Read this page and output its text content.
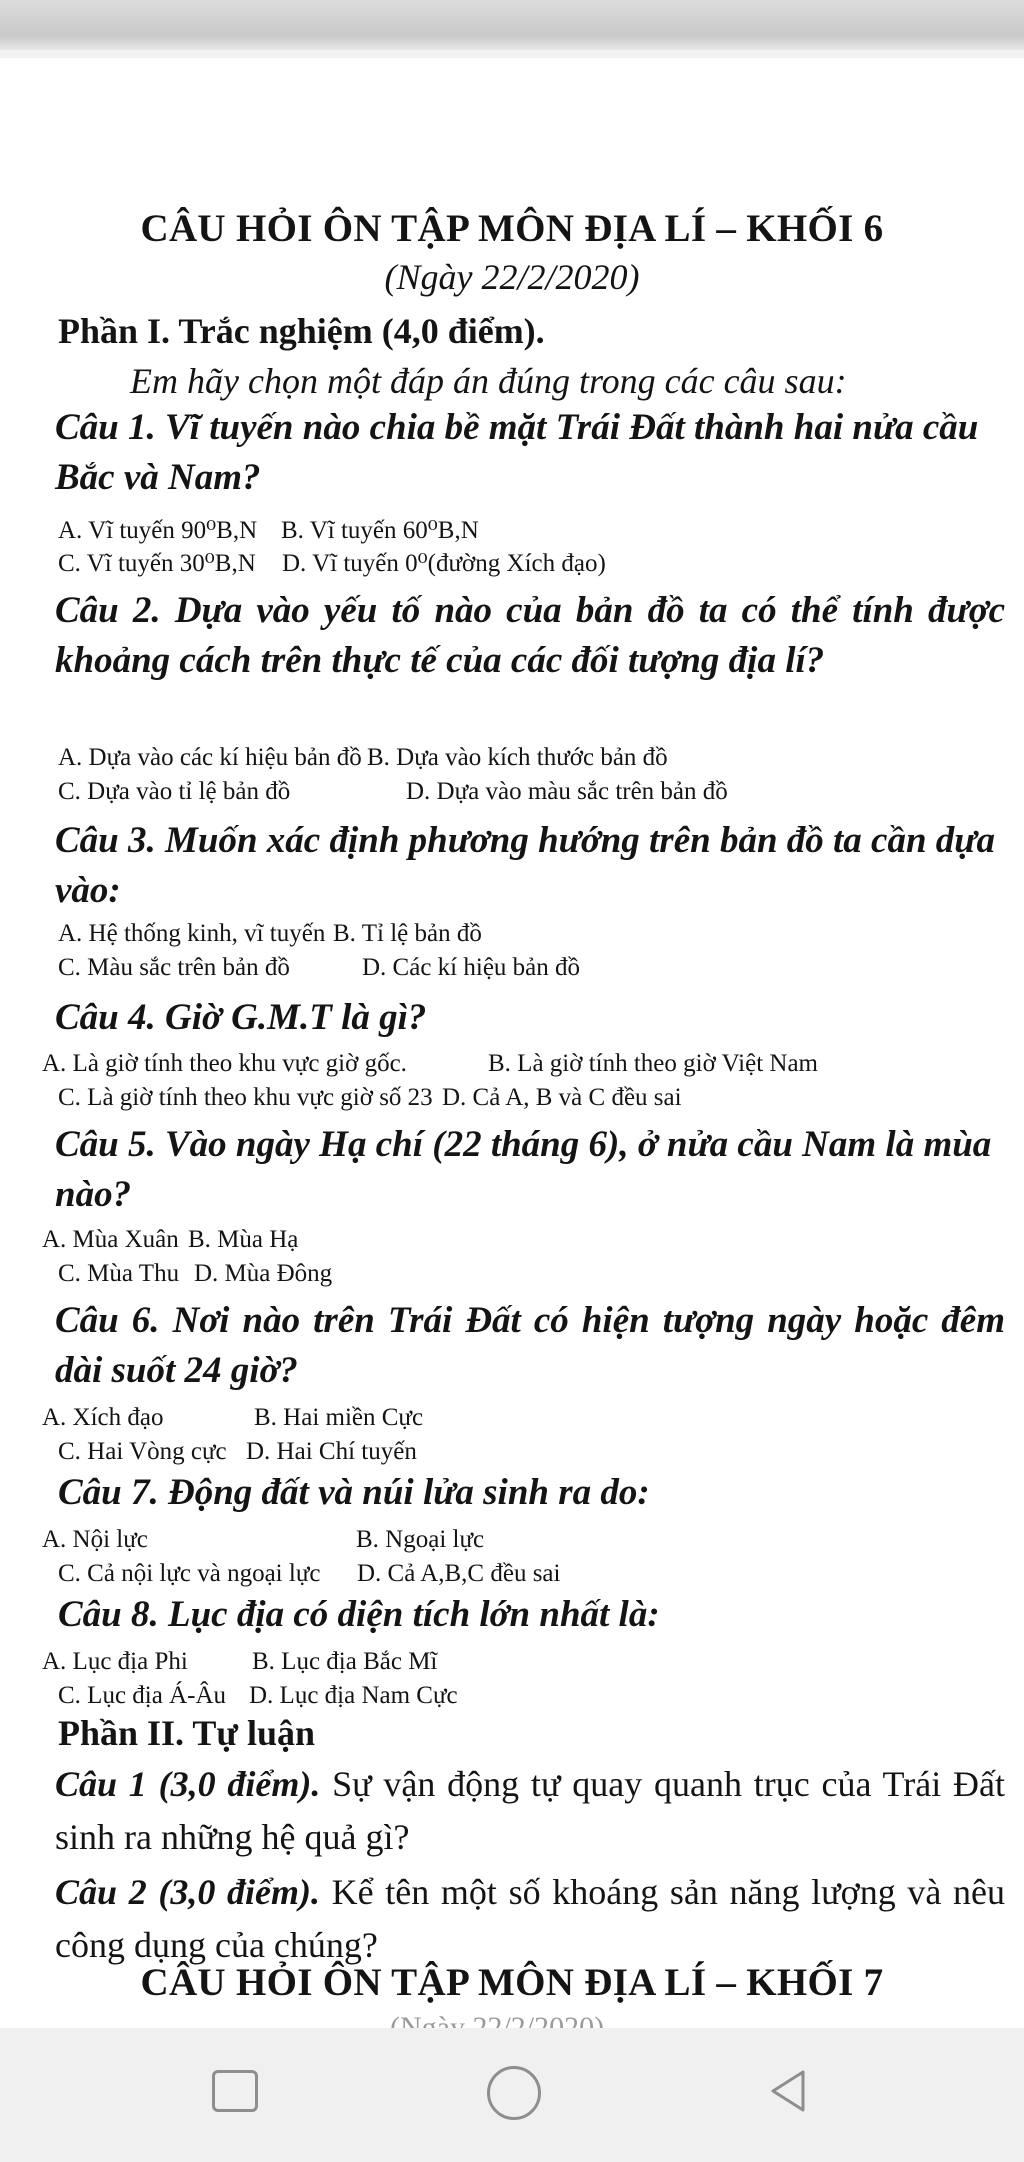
CÂU HỎI ÔN TẬP MÔN ĐỊA LÍ – KHỐI 6
(Ngày 22/2/2020)
Phần I. Trắc nghiệm (4,0 điểm).
Em hãy chọn một đáp án đúng trong các câu sau:
Câu 1. Vĩ tuyến nào chia bề mặt Trái Đất thành hai nửa cầu Bắc và Nam?
A. Vĩ tuyến 90⁰B,N B. Vĩ tuyến 60⁰B,N
C. Vĩ tuyến 30⁰B,N D. Vĩ tuyến 0⁰(đường Xích đạo)
Câu 2. Dựa vào yếu tố nào của bản đồ ta có thể tính được khoảng cách trên thực tế của các đối tượng địa lí?
A. Dựa vào các kí hiệu bản đồ B. Dựa vào kích thước bản đồ
C. Dựa vào tỉ lệ bản đồ	D. Dựa vào màu sắc trên bản đồ
Câu 3. Muốn xác định phương hướng trên bản đồ ta cần dựa vào:
A. Hệ thống kinh, vĩ tuyến B. Tỉ lệ bản đồ
C. Màu sắc trên bản đồ	D. Các kí hiệu bản đồ
Câu 4. Giờ G.M.T là gì?
A. Là giờ tính theo khu vực giờ gốc.	B. Là giờ tính theo giờ Việt Nam
C. Là giờ tính theo khu vực giờ số 23 D. Cả A, B và C đều sai
Câu 5. Vào ngày Hạ chí (22 tháng 6), ở nửa cầu Nam là mùa nào?
A. Mùa Xuân B. Mùa Hạ
C. Mùa Thu D. Mùa Đông
Câu 6. Nơi nào trên Trái Đất có hiện tượng ngày hoặc đêm dài suốt 24 giờ?
A. Xích đạo	B. Hai miền Cực
C. Hai Vòng cực D. Hai Chí tuyến
Câu 7. Động đất và núi lửa sinh ra do:
A. Nội lực	B. Ngoại lực
C. Cả nội lực và ngoại lực D. Cả A,B,C đều sai
Câu 8. Lục địa có diện tích lớn nhất là:
A. Lục địa Phi	B. Lục địa Bắc Mĩ
C. Lục địa Á-Âu D. Lục địa Nam Cực
Phần II. Tự luận
Câu 1 (3,0 điểm). Sự vận động tự quay quanh trục của Trái Đất sinh ra những hệ quả gì?
Câu 2 (3,0 điểm). Kể tên một số khoáng sản năng lượng và nêu công dụng của chúng?
CÂU HỎI ÔN TẬP MÔN ĐỊA LÍ – KHỐI 7
